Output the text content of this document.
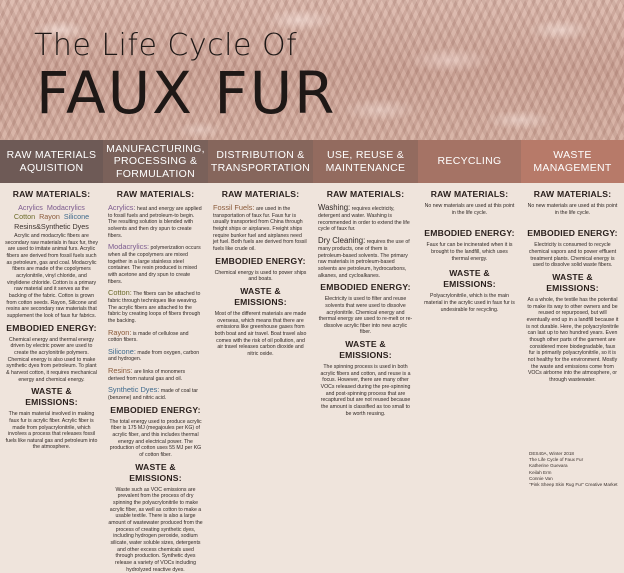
The Life Cycle Of
FAUX FUR
RAW MATERIALS AQUISITION
MANUFACTURING, PROCESSING & FORMULATION
DISTRIBUTION & TRANSPORTATION
USE, REUSE & MAINTENANCE
RECYCLING
WASTE MANAGEMENT
RAW MATERIALS:
Acrylics Modacrylics
Cotton Rayon Silicone
Resins&Synthetic Dyes
Acrylic and modacrylic fibers are secondary raw materials in faux fur, they are used to imitate animal furs. Acrylic fibers are derived from fossil fuels such as petroleum, gas and coal. Modacrylic fibers are made of the copolymers acrylonitrile, vinyl chloride, and vinylidene chloride. Cotton is a primary raw material and it serves as the backing of the fabric. Cotton is grown from cotton seeds. Rayon, Silicone and resins are secondary raw materials that supplement the look of faux fur fabrics.
EMBODIED ENERGY:
Chemical energy and thermal energy driven by electric power are used to create the acrylonitrile polymers. Chemical energy is also used to make synthetic dyes from petroleum. To plant & harvest cotton, it requires mechanical energy and chemical energy.
WASTE & EMISSIONS:
The main material involved in making faux fur is acrylic fiber. Acrylic fiber is made from polyacrylonitrile, which involves a process that releases fossil fuels like natural gas and petroleum into the atmosphere.
RAW MATERIALS:
Acrylics: heat and energy are applied to fossil fuels and petroleum-to begin. The resulting solution is blended with solvents and then dry spun to create fibers.
Modacrylics: polymerization occurs when all the copolymers are mixed together in a large stainless steel container. The resin produced is mixed with acetone and dry spun to create fibers.
Cotton: The fibers can be attached to fabric through techniques like weaving. The acrylic fibers are attached to the fabric by creating loops of fibers through the backing.
Rayon: is made of cellulose and cotton fibers.
Silicone: made from oxygen, carbon and hydrogen.
Resins: are links of monomers derived from natural gas and oil.
Synthetic Dyes: made of coal tar (benzene) and nitric acid.
EMBODIED ENERGY:
The total energy used to produce acrylic fiber is 175 MJ (megajoules per KG) of acrylic fiber, and this includes thermal energy and electrical power. The production of cotton uses 55 MJ per KG of cotton fiber.
WASTE & EMISSIONS:
Waste such as VOC emissions are prevalent from the process of dry spinning the polyacrylonitrile to make acrylic fiber, as well as cotton to make a usable textile. There is also a large amount of wastewater produced from the process of creating synthetic dyes, including hydrogen peroxide, sodium silicate, water soluble sizes, detergents and other excess chemicals used through production. Synthetic dyes release a variety of VOCs including hydrolyzed reactive dyes.
RAW MATERIALS:
Fossil Fuels: are used in the transportation of faux fur. Faux fur is usually transported from China through freight ships or airplanes. Freight ships require bunker fuel and airplanes need jet fuel. Both fuels are derived from fossil fuels like crude oil.
EMBODIED ENERGY:
Chemical energy is used to power ships and boats.
WASTE & EMISSIONS:
Most of the different materials are made overseas, which means that there are emissions like greenhouse gases from both boat and air travel. Boat travel also comes with the risk of oil pollution, and air travel releases carbon dioxide and nitric oxide.
RAW MATERIALS:
Washing: requires electricity, detergent and water. Washing is recommended in order to extend the life cycle of faux fur.
Dry Cleaning: requires the use of many products, one of them is petroleum-based solvents. The primary raw materials in petroleum-based solvents are petroleum, hydrocarbons, alkanes, and cycloalkanes.
EMBODIED ENERGY:
Electricity is used to filter and reuse solvents that were used to dissolve acrylonitrile. Chemical energy and thermal energy are used to re-melt or re-dissolve acrylic fiber into new acrylic fiber.
WASTE & EMISSIONS:
The spinning process is used in both acrylic fibers and cotton, and reuse is a focus. However, there are many other VOCs released during the pre-spinning and post-spinning process that are recaptured but are not reused because the amount is classified as too small to be worth reusing.
RAW MATERIALS:
No new materials are used at this point in the life cycle.
EMBODIED ENERGY:
Faux fur can be incinerated when it is brought to the landfill, which uses thermal energy.
WASTE & EMISSIONS:
Polyacrylonitrile, which is the main material in the acrylic used in faux fur is undesirable for recycling.
RAW MATERIALS:
No new materials are used at this point in the life cycle.
EMBODIED ENERGY:
Electricity is consumed to recycle chemical vapors and to power effluent treatment plants. Chemical energy is used to dissolve solid waste fibers.
WASTE & EMISSIONS:
As a whole, the textile has the potential to make its way to other owners and be reused or repurposed, but will eventually end up in a landfill because it is not durable. Here, the polyacrylonitrile can last up to two hundred years. Even though other parts of the garment are considered more biodegradable, faux fur is primarily polyacrylonitrile, so it is not healthy for the environment. Mostly the waste and emissions come from VOCs airborne into the atmosphere, or through wastewater.
DES40A, Winter 2018
The Life Cycle of Faux Fur
Katherine Guevara
Keilah Erm
Connie Van
"Pink Sheep Skin Rug Fur" Creative Market
